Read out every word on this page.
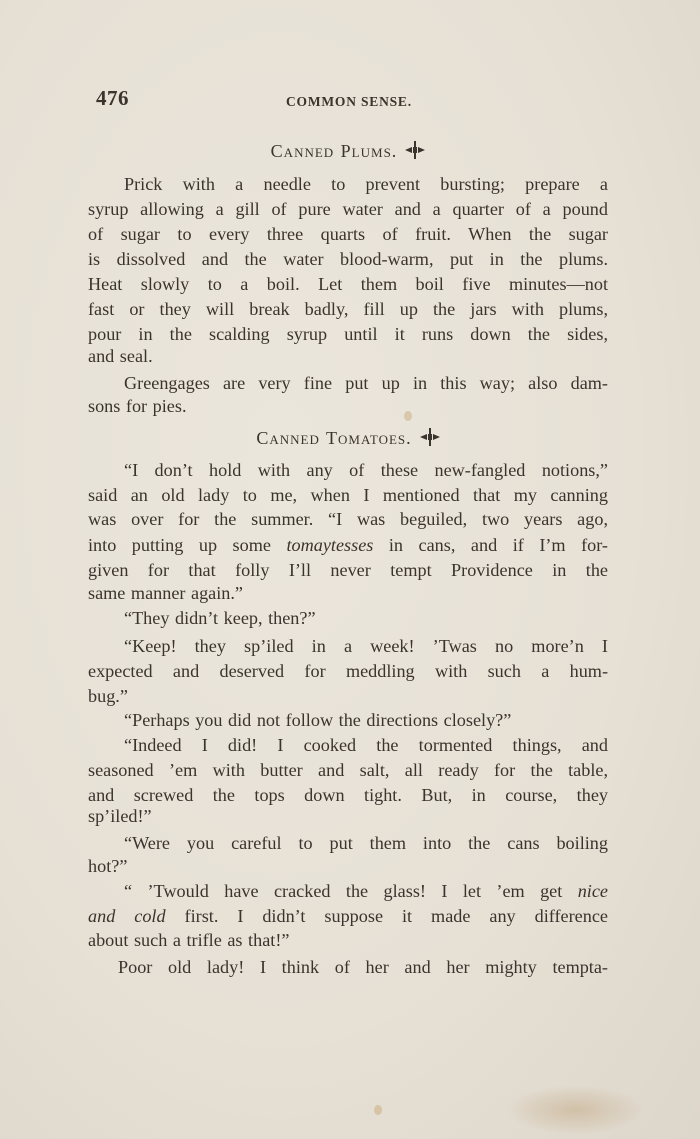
476	COMMON SENSE.
Canned Plums.
Prick with a needle to prevent bursting; prepare a
syrup allowing a gill of pure water and a quarter of a pound
of sugar to every three quarts of fruit. When the sugar
is dissolved and the water blood-warm, put in the plums.
Heat slowly to a boil. Let them boil five minutes—not
fast or they will break badly, fill up the jars with plums,
pour in the scalding syrup until it runs down the sides,
and seal.
Greengages are very fine put up in this way; also dam-
sons for pies.
Canned Tomatoes.
“I don’t hold with any of these new-fangled notions,”
said an old lady to me, when I mentioned that my canning
was over for the summer. “I was beguiled, two years ago,
into putting up some tomaytesses in cans, and if I’m for-
given for that folly I’ll never tempt Providence in the
same manner again.”
“They didn’t keep, then?”
“Keep! they sp’iled in a week! ’Twas no more’n I
expected and deserved for meddling with such a hum-
bug.”
“Perhaps you did not follow the directions closely?”
“Indeed I did! I cooked the tormented things, and
seasoned ’em with butter and salt, all ready for the table,
and screwed the tops down tight. But, in course, they
sp’iled!”
“Were you careful to put them into the cans boiling
hot?”
“ ’Twould have cracked the glass! I let ’em get nice
and cold first. I didn’t suppose it made any difference
about such a trifle as that!”
Poor old lady! I think of her and her mighty tempta-
